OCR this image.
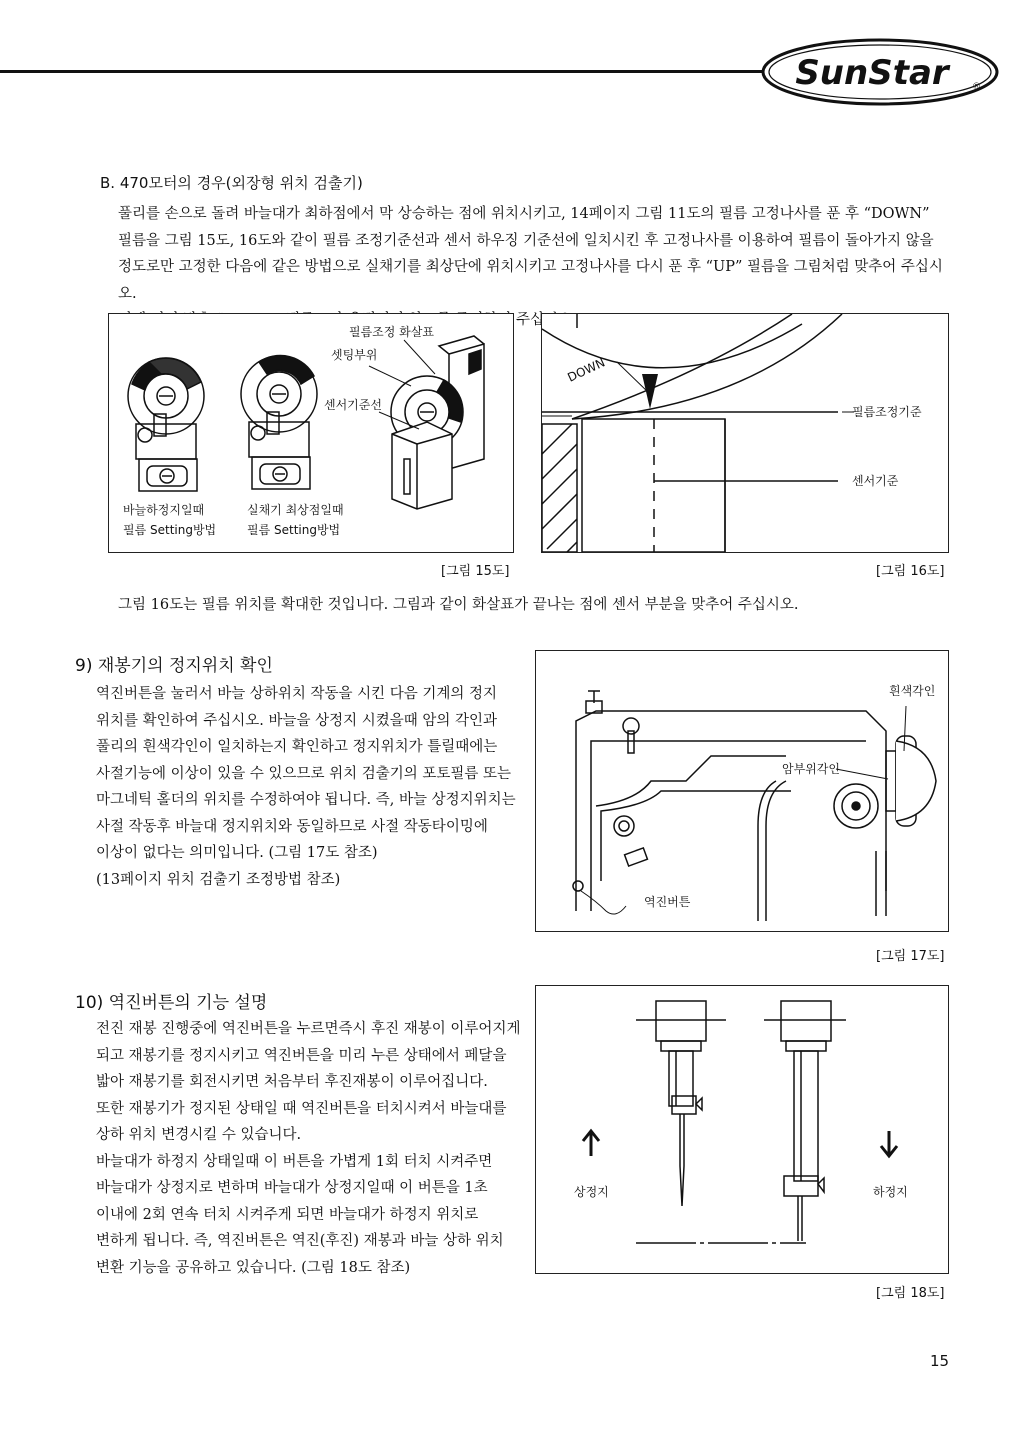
SunStar	®
B. 470모터의 경우(외장형 위치 검출기)

풀리를 손으로 돌려 바늘대가 최하점에서 막 상승하는 점에 위치시키고, 14페이지 그림 11도의 필름 고정나사를 푼 후 “DOWN”

필름을 그림 15도, 16도와 같이 필름 조정기준선과 센서 하우징 기준선에 일치시킨 후 고정나사를 이용하여 필름이 돌아가지 않을

정도로만 고정한 다음에 같은 방법으로 실채기를 최상단에 위치시키고 고정나사를 다시 푼 후 “UP” 필름을 그림처럼 맞추어 주십시오.

필름조정 화살표
셋팅부위
센서기준선
바늘하정지일때
필름 Setting방법
실채기 최상점일때
필름 Setting방법
[그림 15도]
DOWN
필름조정기준
센서기준
[그림 16도]

그림 16도는 필름 위치를 확대한 것입니다. 그림과 같이 화살표가 끝나는 점에 센서 부분을 맞추어 주십시오.

9) 재봉기의 정지위치 확인

역진버튼을 눌러서 바늘 상하위치 작동을 시킨 다음 기계의 정지

위치를 확인하여 주십시오. 바늘을 상정지 시켰을때 암의 각인과

풀리의 흰색각인이 일치하는지 확인하고 정지위치가 틀릴때에는

사절기능에 이상이 있을 수 있으므로 위치 검출기의 포토필름 또는

마그네틱 홀더의 위치를 수정하여야 됩니다. 즉, 바늘 상정지위치는

사절 작동후 바늘대 정지위치와 동일하므로 사절 작동타이밍에

이상이 없다는 의미입니다. (그림 17도 참조)

(13페이지 위치 검출기 조정방법 참조)

흰색각인
암부위각인
역진버튼
[그림 17도]
10) 역진버튼의 기능 설명

전진 재봉 진행중에 역진버튼을 누르면즉시 후진 재봉이 이루어지게

되고 재봉기를 정지시키고 역진버튼을 미리 누른 상태에서 페달을

밟아 재봉기를 회전시키면 처음부터 후진재봉이 이루어집니다.

또한 재봉기가 정지된 상태일 때 역진버튼을 터치시켜서 바늘대를

상하 위치 변경시킬 수 있습니다.

바늘대가 하정지 상태일때 이 버튼을 가볍게 1회 터치 시켜주면

바늘대가 상정지로 변하며 바늘대가 상정지일때 이 버튼을 1초

이내에 2회 연속 터치 시켜주게 되면 바늘대가 하정지 위치로

변하게 됩니다. 즉, 역진버튼은 역진(후진) 재봉과 바늘 상하 위치

변환 기능을 공유하고 있습니다. (그림 18도 참조)

상정지	하정지
[그림 18도]
15
